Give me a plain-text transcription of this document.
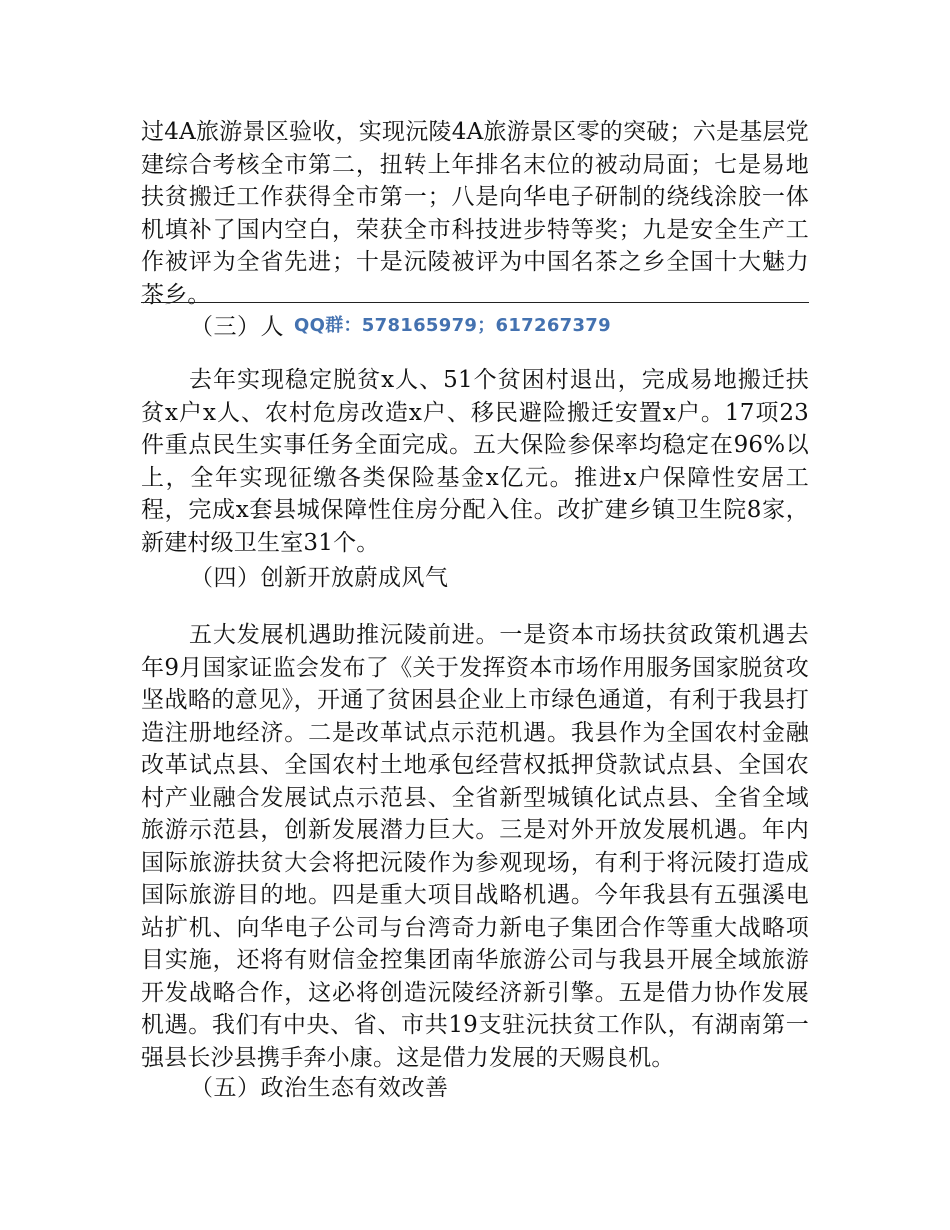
过4A旅游景区验收，实现沅陵4A旅游景区零的突破；六是基层党建综合考核全市第二，扭转上年排名末位的被动局面；七是易地扶贫搬迁工作获得全市第一；八是向华电子研制的绕线涂胶一体机填补了国内空白，荣获全市科技进步特等奖；九是安全生产工作被评为全省先进；十是沅陵被评为中国名茶之乡全国十大魅力茶乡。

（三）人 QQ群：578165979；617267379

去年实现稳定脱贫x人、51个贫困村退出，完成易地搬迁扶贫x户x人、农村危房改造x户、移民避险搬迁安置x户。17项23件重点民生实事任务全面完成。五大保险参保率均稳定在96%以上，全年实现征缴各类保险基金x亿元。推进x户保障性安居工程，完成x套县城保障性住房分配入住。改扩建乡镇卫生院8家，新建村级卫生室31个。

（四）创新开放蔚成风气

五大发展机遇助推沅陵前进。一是资本市场扶贫政策机遇去年9月国家证监会发布了《关于发挥资本市场作用服务国家脱贫攻坚战略的意见》，开通了贫困县企业上市绿色通道，有利于我县打造注册地经济。二是改革试点示范机遇。我县作为全国农村金融改革试点县、全国农村土地承包经营权抵押贷款试点县、全国农村产业融合发展试点示范县、全省新型城镇化试点县、全省全域旅游示范县，创新发展潜力巨大。三是对外开放发展机遇。年内国际旅游扶贫大会将把沅陵作为参观现场，有利于将沅陵打造成国际旅游目的地。四是重大项目战略机遇。今年我县有五强溪电站扩机、向华电子公司与台湾奇力新电子集团合作等重大战略项目实施，还将有财信金控集团南华旅游公司与我县开展全域旅游开发战略合作，这必将创造沅陵经济新引擎。五是借力协作发展机遇。我们有中央、省、市共19支驻沅扶贫工作队，有湖南第一强县长沙县携手奔小康。这是借力发展的天赐良机。

（五）政治生态有效改善
